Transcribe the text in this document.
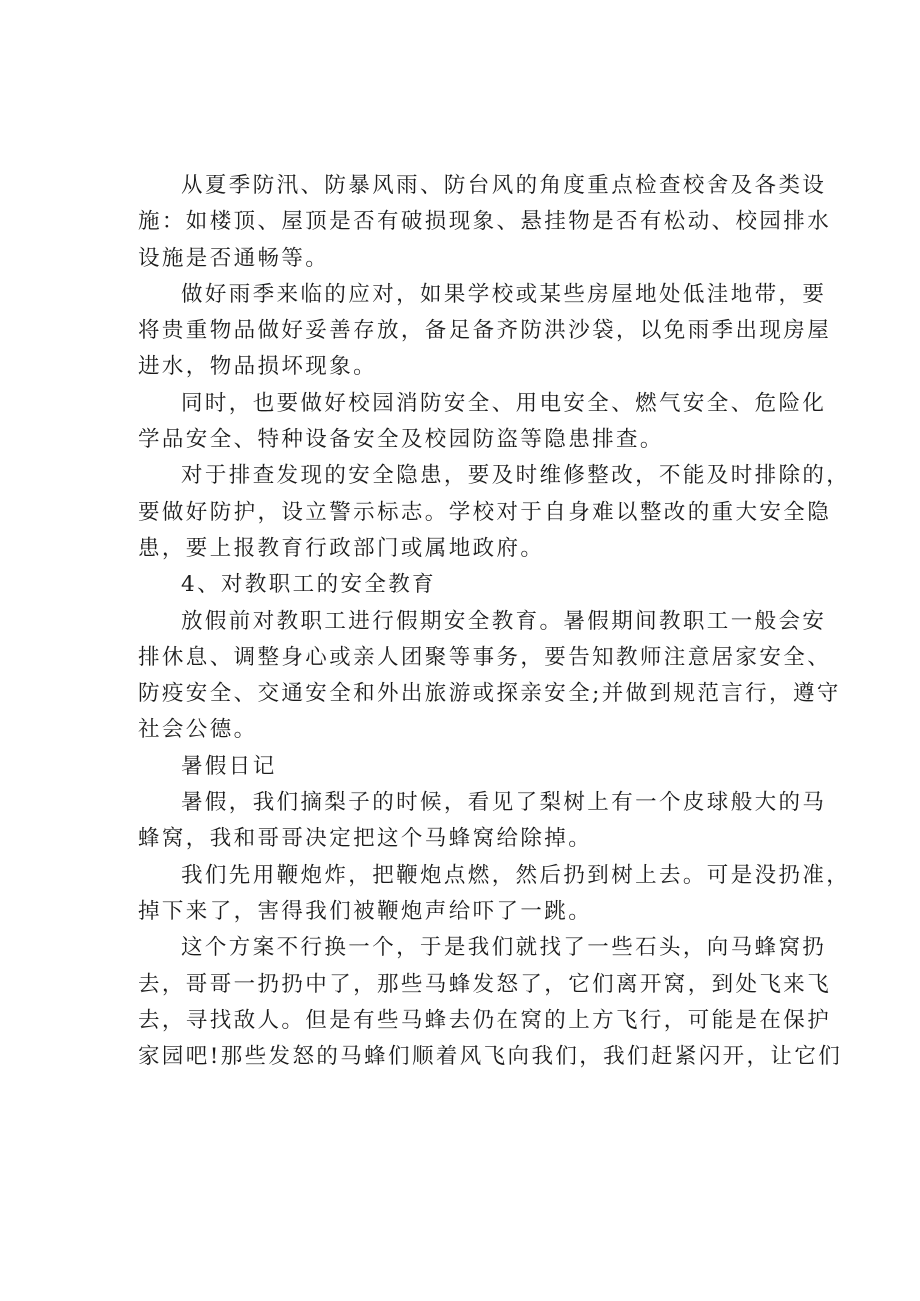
从夏季防汛、防暴风雨、防台风的角度重点检查校舍及各类设
施：如楼顶、屋顶是否有破损现象、悬挂物是否有松动、校园排水
设施是否通畅等。

做好雨季来临的应对，如果学校或某些房屋地处低洼地带，要
将贵重物品做好妥善存放，备足备齐防洪沙袋，以免雨季出现房屋
进水，物品损坏现象。

同时，也要做好校园消防安全、用电安全、燃气安全、危险化
学品安全、特种设备安全及校园防盗等隐患排查。

对于排查发现的安全隐患，要及时维修整改，不能及时排除的，
要做好防护，设立警示标志。学校对于自身难以整改的重大安全隐
患，要上报教育行政部门或属地政府。

4、对教职工的安全教育

放假前对教职工进行假期安全教育。暑假期间教职工一般会安
排休息、调整身心或亲人团聚等事务，要告知教师注意居家安全、
防疫安全、交通安全和外出旅游或探亲安全;并做到规范言行，遵守
社会公德。

暑假日记

暑假，我们摘梨子的时候，看见了梨树上有一个皮球般大的马
蜂窝，我和哥哥决定把这个马蜂窝给除掉。

我们先用鞭炮炸，把鞭炮点燃，然后扔到树上去。可是没扔准，
掉下来了，害得我们被鞭炮声给吓了一跳。

这个方案不行换一个，于是我们就找了一些石头，向马蜂窝扔
去，哥哥一扔扔中了，那些马蜂发怒了，它们离开窝，到处飞来飞
去，寻找敌人。但是有些马蜂去仍在窝的上方飞行，可能是在保护
家园吧!那些发怒的马蜂们顺着风飞向我们，我们赶紧闪开，让它们
